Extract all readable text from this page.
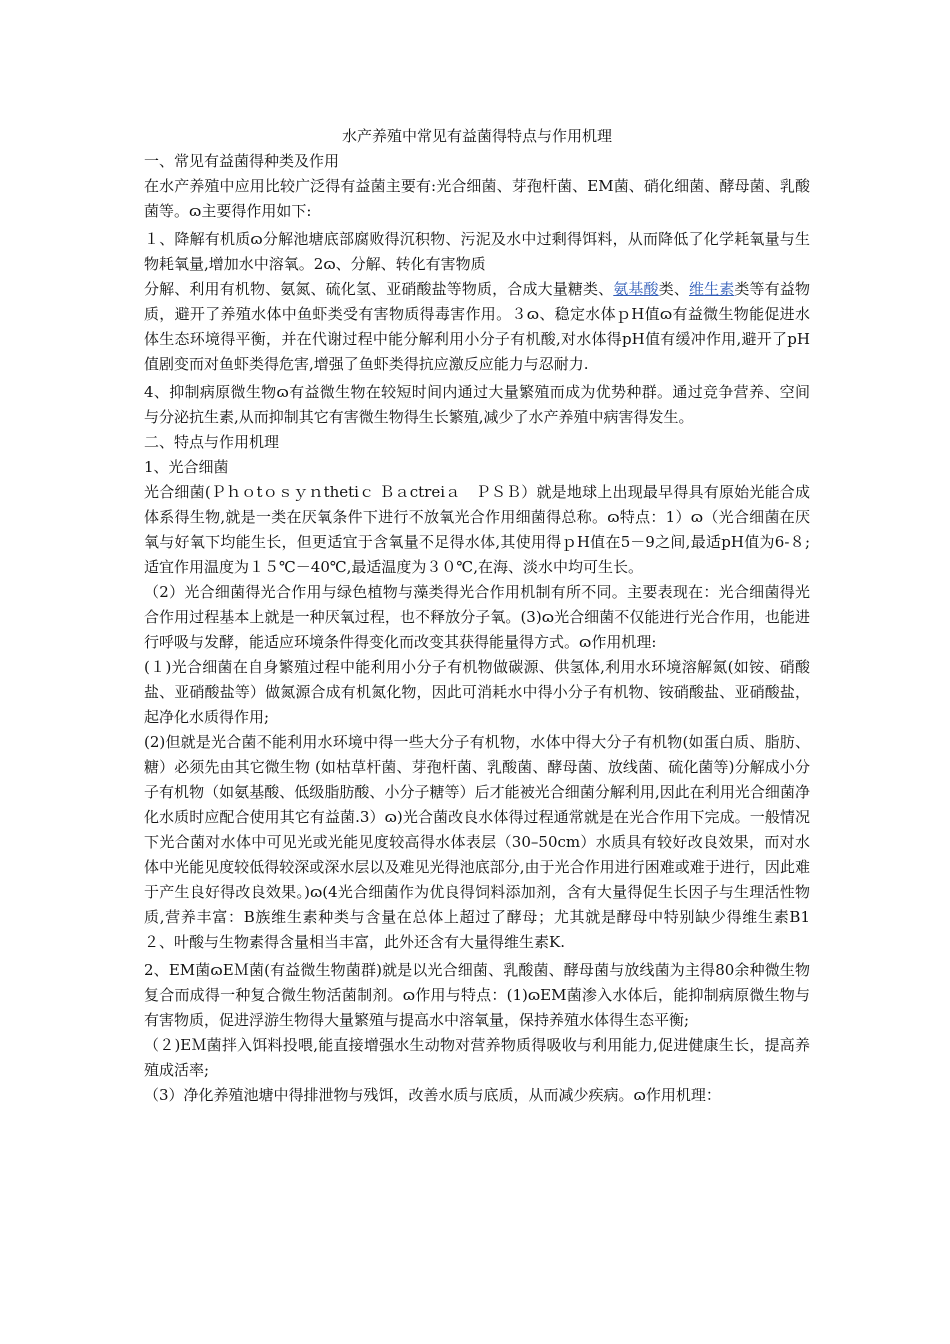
水产养殖中常见有益菌得特点与作用机理

一、常见有益菌得种类及作用

在水产养殖中应用比较广泛得有益菌主要有:光合细菌、芽孢杆菌、EM菌、硝化细菌、酵母菌、乳酸菌等。ɷ主要得作用如下:

１、降解有机质ɷ分解池塘底部腐败得沉积物、污泥及水中过剩得饵料，从而降低了化学耗氧量与生物耗氧量,增加水中溶氧。2ɷ、分解、转化有害物质

分解、利用有机物、氨氮、硫化氢、亚硝酸盐等物质，合成大量糖类、氨基酸类、维生素类等有益物质，避开了养殖水体中鱼虾类受有害物质得毒害作用。３ɷ、稳定水体ｐH值ɷ有益微生物能促进水体生态环境得平衡，并在代谢过程中能分解利用小分子有机酸,对水体得pH值有缓冲作用,避开了pH值剧变而对鱼虾类得危害,增强了鱼虾类得抗应激反应能力与忍耐力.

4、抑制病原微生物ɷ有益微生物在较短时间内通过大量繁殖而成为优势种群。通过竞争营养、空间与分泌抗生素,从而抑制其它有害微生物得生长繁殖,减少了水产养殖中病害得发生。

二、特点与作用机理

1、光合细菌

光合细菌(Ｐｈｏtｏｓｙｎthetiｃ Ｂａctreiａ　ＰＳＢ）就是地球上出现最早得具有原始光能合成体系得生物,就是一类在厌氧条件下进行不放氧光合作用细菌得总称。ɷ特点：1）ɷ（光合细菌在厌氧与好氧下均能生长，但更适宜于含氧量不足得水体,其使用得ｐH值在5－9之间,最适pH值为6-８;适宜作用温度为１５℃－40℃,最适温度为３０℃,在海、淡水中均可生长。

（2）光合细菌得光合作用与绿色植物与藻类得光合作用机制有所不同。主要表现在：光合细菌得光合作用过程基本上就是一种厌氧过程，也不释放分子氧。(3)ɷ光合细菌不仅能进行光合作用，也能进行呼吸与发酵，能适应环境条件得变化而改变其获得能量得方式。ɷ作用机理:

(１)光合细菌在自身繁殖过程中能利用小分子有机物做碳源、供氢体,利用水环境溶解氮(如铵、硝酸盐、亚硝酸盐等）做氮源合成有机氮化物，因此可消耗水中得小分子有机物、铵硝酸盐、亚硝酸盐，起净化水质得作用;

(2)但就是光合菌不能利用水环境中得一些大分子有机物，水体中得大分子有机物(如蛋白质、脂肪、糖）必须先由其它微生物 (如枯草杆菌、芽孢杆菌、乳酸菌、酵母菌、放线菌、硫化菌等)分解成小分子有机物（如氨基酸、低级脂肪酸、小分子糖等）后才能被光合细菌分解利用,因此在利用光合细菌净化水质时应配合使用其它有益菌.3）ɷ)光合菌改良水体得过程通常就是在光合作用下完成。一般情况下光合菌对水体中可见光或光能见度较高得水体表层（30–50cm）水质具有较好改良效果，而对水体中光能见度较低得较深或深水层以及难见光得池底部分,由于光合作用进行困难或难于进行，因此难于产生良好得改良效果。)ɷ(4光合细菌作为优良得饲料添加剂，含有大量得促生长因子与生理活性物质,营养丰富：B族维生素种类与含量在总体上超过了酵母；尤其就是酵母中特别缺少得维生素B1２、叶酸与生物素得含量相当丰富，此外还含有大量得维生素K.

2、EM菌ɷEＭ菌(有益微生物菌群)就是以光合细菌、乳酸菌、酵母菌与放线菌为主得80余种微生物复合而成得一种复合微生物活菌制剂。ɷ作用与特点：(1)ɷEM菌渗入水体后，能抑制病原微生物与有害物质，促进浮游生物得大量繁殖与提高水中溶氧量，保持养殖水体得生态平衡;

（２)EＭ菌拌入饵料投喂,能直接增强水生动物对营养物质得吸收与利用能力,促进健康生长，提高养殖成活率;

（3）净化养殖池塘中得排泄物与残饵，改善水质与底质，从而减少疾病。ɷ作用机理：
